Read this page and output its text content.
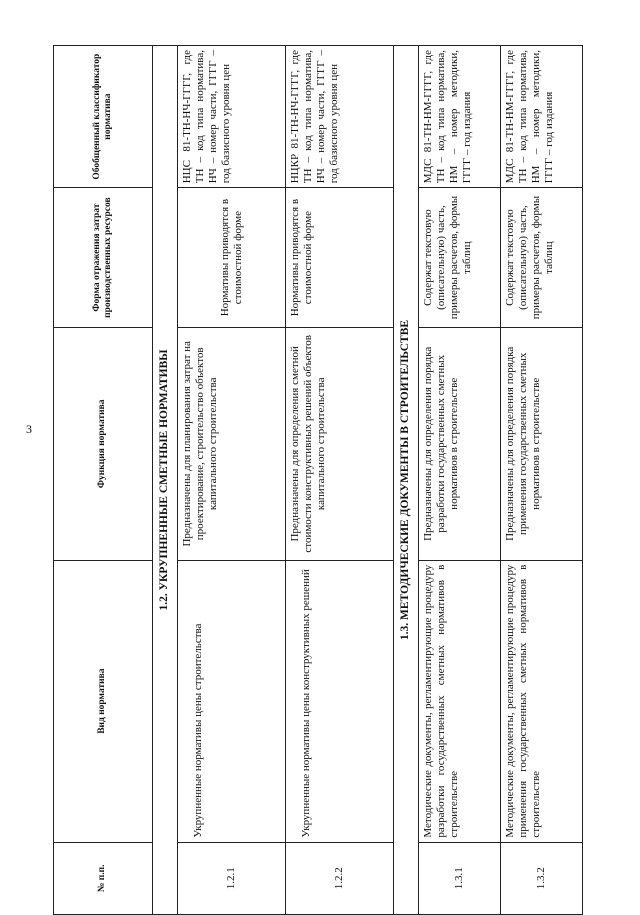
3
№ п.п.	Вид норматива	Функция норматива	Форма отражения затрат производственных ресурсов	Обобщенный классификатор норматива
1.2. УКРУПНЕННЫЕ СМЕТНЫЕ НОРМАТИВЫ				
1.2.1	Укрупненные нормативы цены строительства	Предназначены для планирования затрат на проектирование, строительство объектов капитального строительства	Нормативы приводятся в стоимостной форме	НЦС 81-ТН-НЧ-ГГГГ, где ТН – код типа норматива, НЧ – номер части, ГГГГ – год базисного уровня цен
1.2.2	Укрупненные нормативы цены конструктивных решений	Предназначены для определения сметной стоимости конструктивных решений объектов капитального строительства	Нормативы приводятся в стоимостной форме	НЦКР 81-ТН-НЧ-ГГГГ, где ТН – код типа норматива, НЧ – номер части, ГГГГ – год базисного уровня цен
1.3. МЕТОДИЧЕСКИЕ ДОКУМЕНТЫ В СТРОИТЕЛЬСТВЕ				
1.3.1	Методические документы, регламентирующие процедуру разработки государственных сметных нормативов в строительстве	Предназначены для определения порядка разработки государственных сметных нормативов в строительстве	Содержат текстовую (описательную) часть, примеры расчетов, формы таблиц	МДС 81-ТН-НМ-ГГГГ, где ТН – код типа норматива, НМ – номер методики, ГГГГ – год издания
1.3.2	Методические документы, регламентирующие процедуру применения государственных сметных нормативов в строительстве	Предназначены для определения порядка применения государственных сметных нормативов в строительстве	Содержат текстовую (описательную) часть, примеры расчетов, формы таблиц	МДС 81-ТН-НМ-ГГГГ, где ТН – код типа норматива, НМ – номер методики, ГГГГ – год издания
